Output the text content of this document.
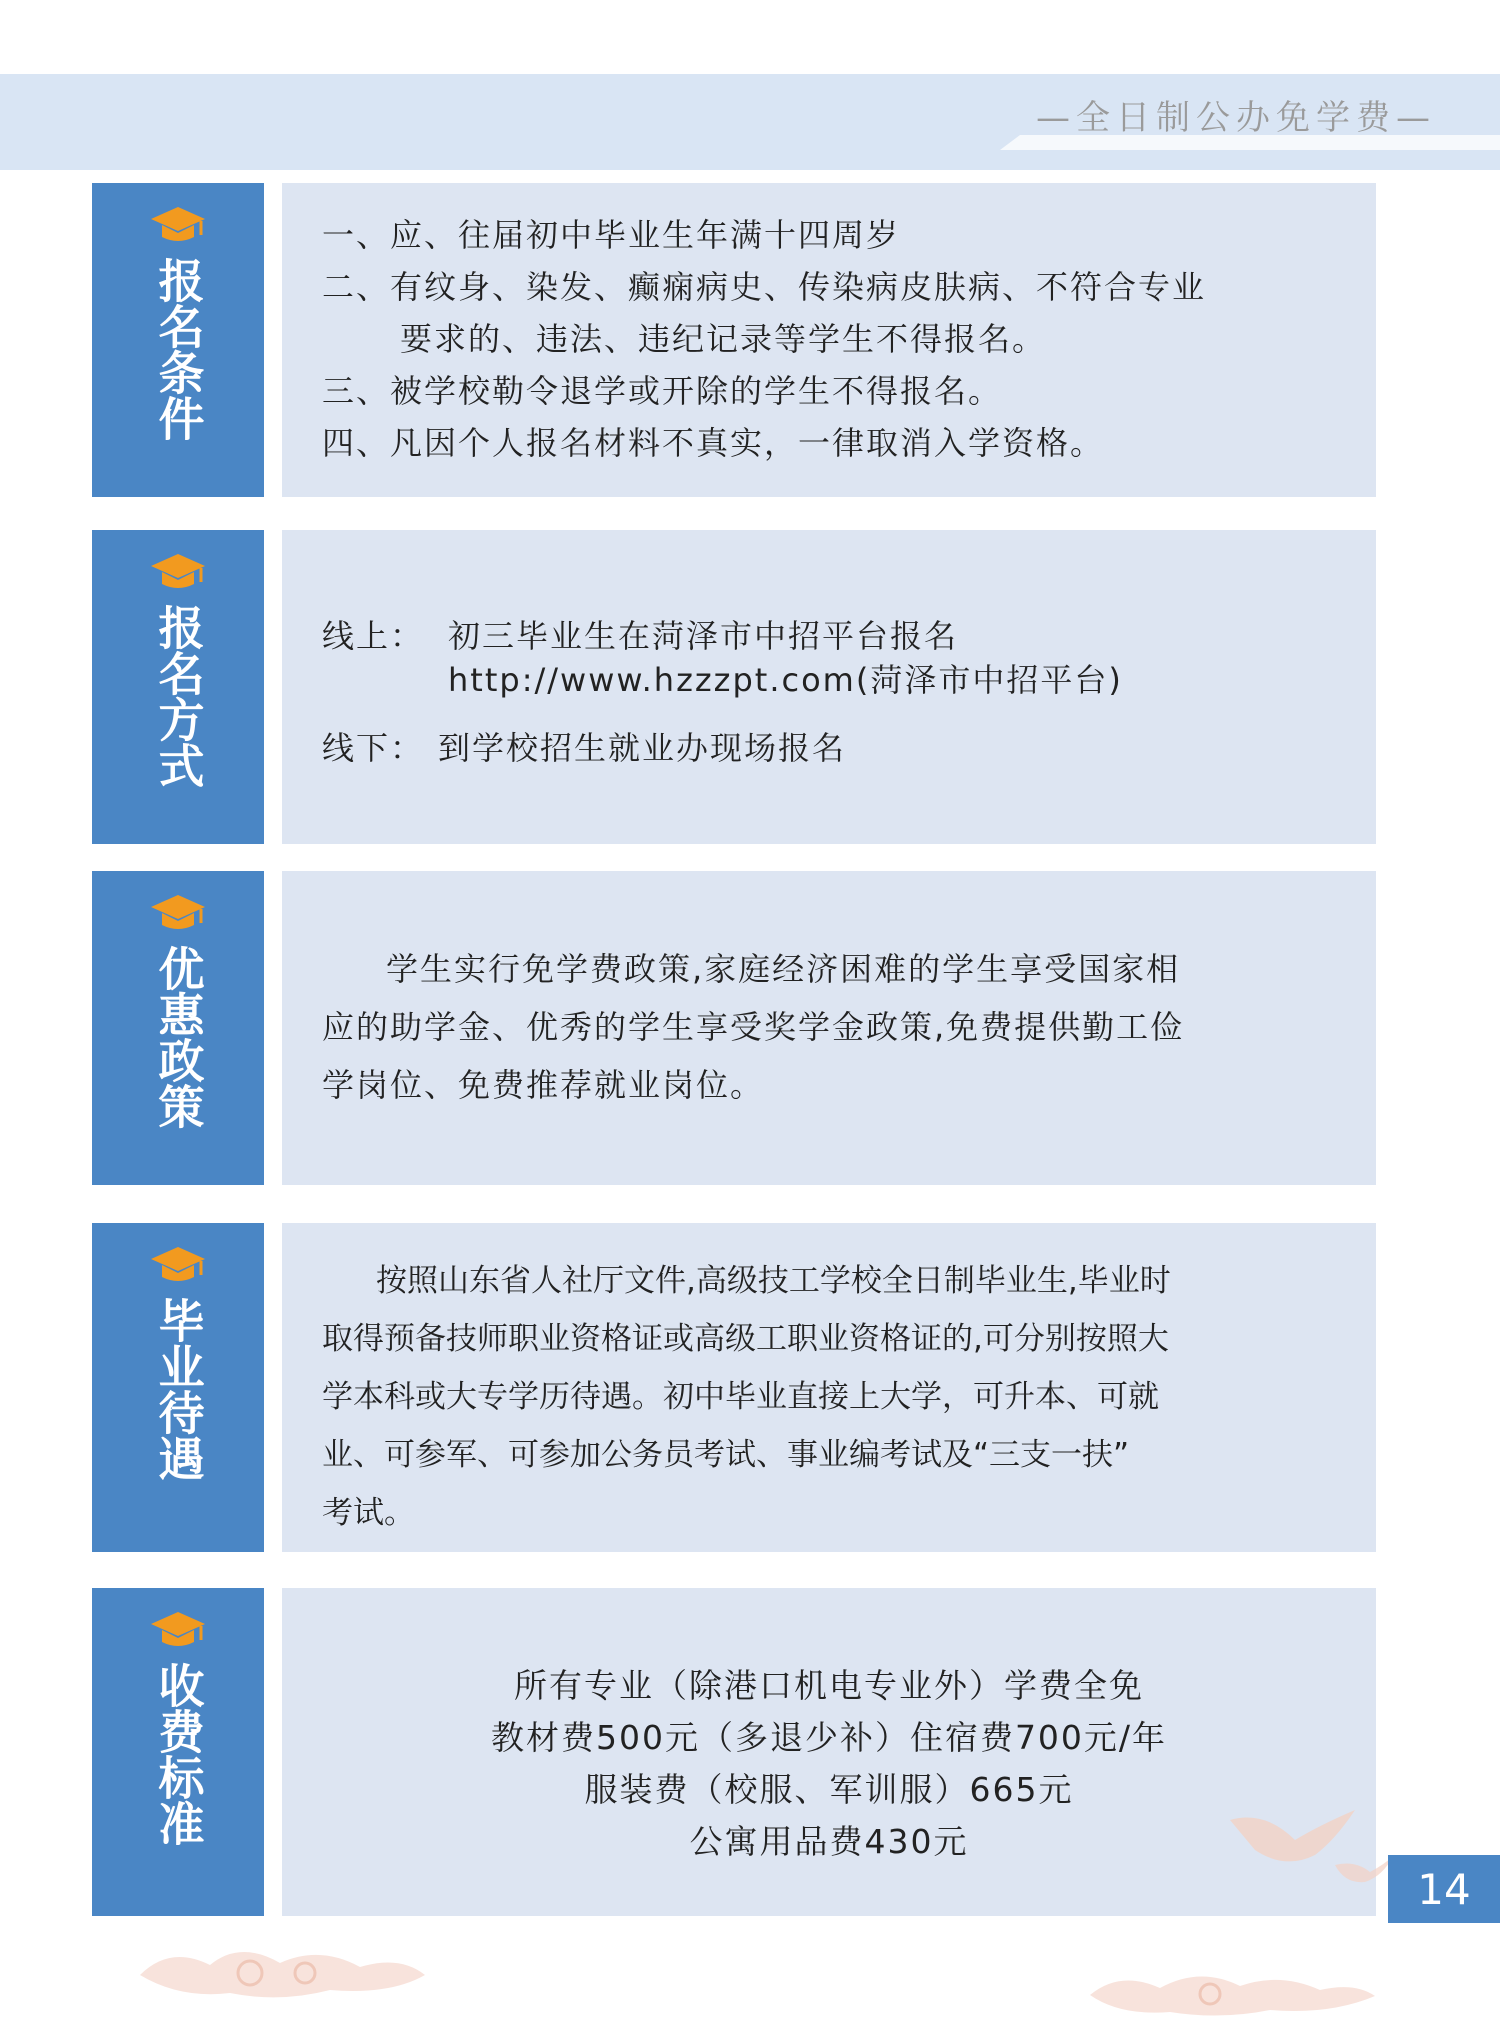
—全日制公办免学费—
报名条件
一、应、往届初中毕业生年满十四周岁
二、有纹身、染发、癫痫病史、传染病皮肤病、不符合专业
要求的、违法、违纪记录等学生不得报名。
三、被学校勒令退学或开除的学生不得报名。
四、凡因个人报名材料不真实，一律取消入学资格。
报名方式	线上： 初三毕业生在菏泽市中招平台报名
http://www.hzzzpt.com(菏泽市中招平台)
线下： 到学校招生就业办现场报名
优惠政策	学生实行免学费政策,家庭经济困难的学生享受国家相
应的助学金、优秀的学生享受奖学金政策,免费提供勤工俭
学岗位、免费推荐就业岗位。
毕业待遇
按照山东省人社厅文件,高级技工学校全日制毕业生,毕业时
取得预备技师职业资格证或高级工职业资格证的,可分别按照大
学本科或大专学历待遇。初中毕业直接上大学，可升本、可就
业、可参军、可参加公务员考试、事业编考试及“三支一扶”
考试。
收费标准	所有专业（除港口机电专业外）学费全免
教材费500元（多退少补）住宿费700元/年
服装费（校服、军训服）665元
公寓用品费430元
14
